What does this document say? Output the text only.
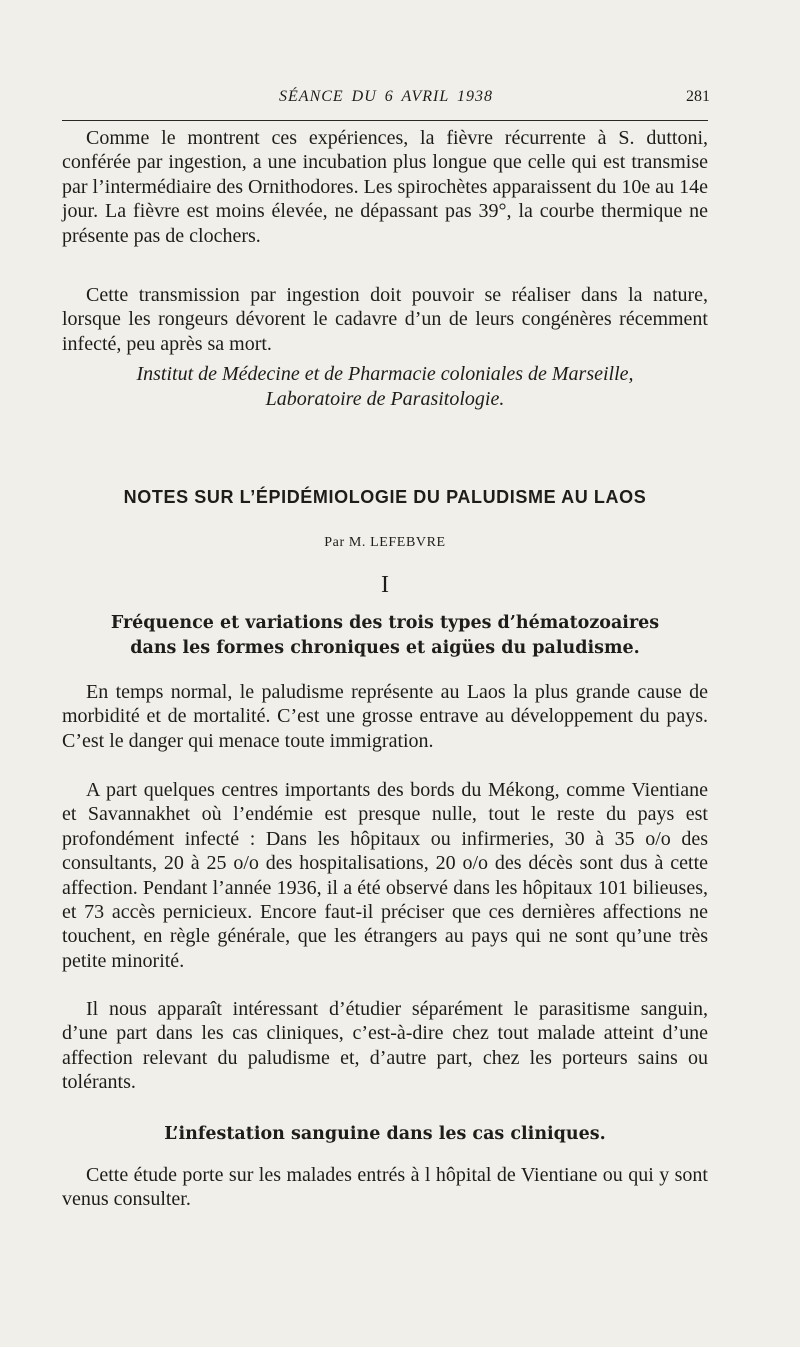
SÉANCE DU 6 AVRIL 1938	281

Comme le montrent ces expériences, la fièvre récurrente à S. duttoni, conférée par ingestion, a une incubation plus longue que celle qui est transmise par l’intermédiaire des Ornithodores. Les spirochètes apparaissent du 10e au 14e jour. La fièvre est moins élevée, ne dépassant pas 39°, la courbe thermique ne présente pas de clochers.

Cette transmission par ingestion doit pouvoir se réaliser dans la nature, lorsque les rongeurs dévorent le cadavre d’un de leurs congénères récemment infecté, peu après sa mort.

Institut de Médecine et de Pharmacie coloniales de Marseille,
Laboratoire de Parasitologie.
NOTES SUR L’ÉPIDÉMIOLOGIE DU PALUDISME AU LAOS
Par M. LEFEBVRE
I
Fréquence et variations des trois types d’hématozoaires
dans les formes chroniques et aigües du paludisme.

En temps normal, le paludisme représente au Laos la plus grande cause de morbidité et de mortalité. C’est une grosse entrave au développement du pays. C’est le danger qui menace toute immigration.

A part quelques centres importants des bords du Mékong, comme Vientiane et Savannakhet où l’endémie est presque nulle, tout le reste du pays est profondément infecté : Dans les hôpitaux ou infirmeries, 30 à 35 o/o des consultants, 20 à 25 o/o des hospitalisations, 20 o/o des décès sont dus à cette affection. Pendant l’année 1936, il a été observé dans les hôpitaux 101 bilieuses, et 73 accès pernicieux. Encore faut-il préciser que ces dernières affections ne touchent, en règle générale, que les étrangers au pays qui ne sont qu’une très petite minorité.

Il nous apparaît intéressant d’étudier séparément le parasitisme sanguin, d’une part dans les cas cliniques, c’est-à-dire chez tout malade atteint d’une affection relevant du paludisme et, d’autre part, chez les porteurs sains ou tolérants.

L’infestation sanguine dans les cas cliniques.

Cette étude porte sur les malades entrés à l hôpital de Vientiane ou qui y sont venus consulter.
